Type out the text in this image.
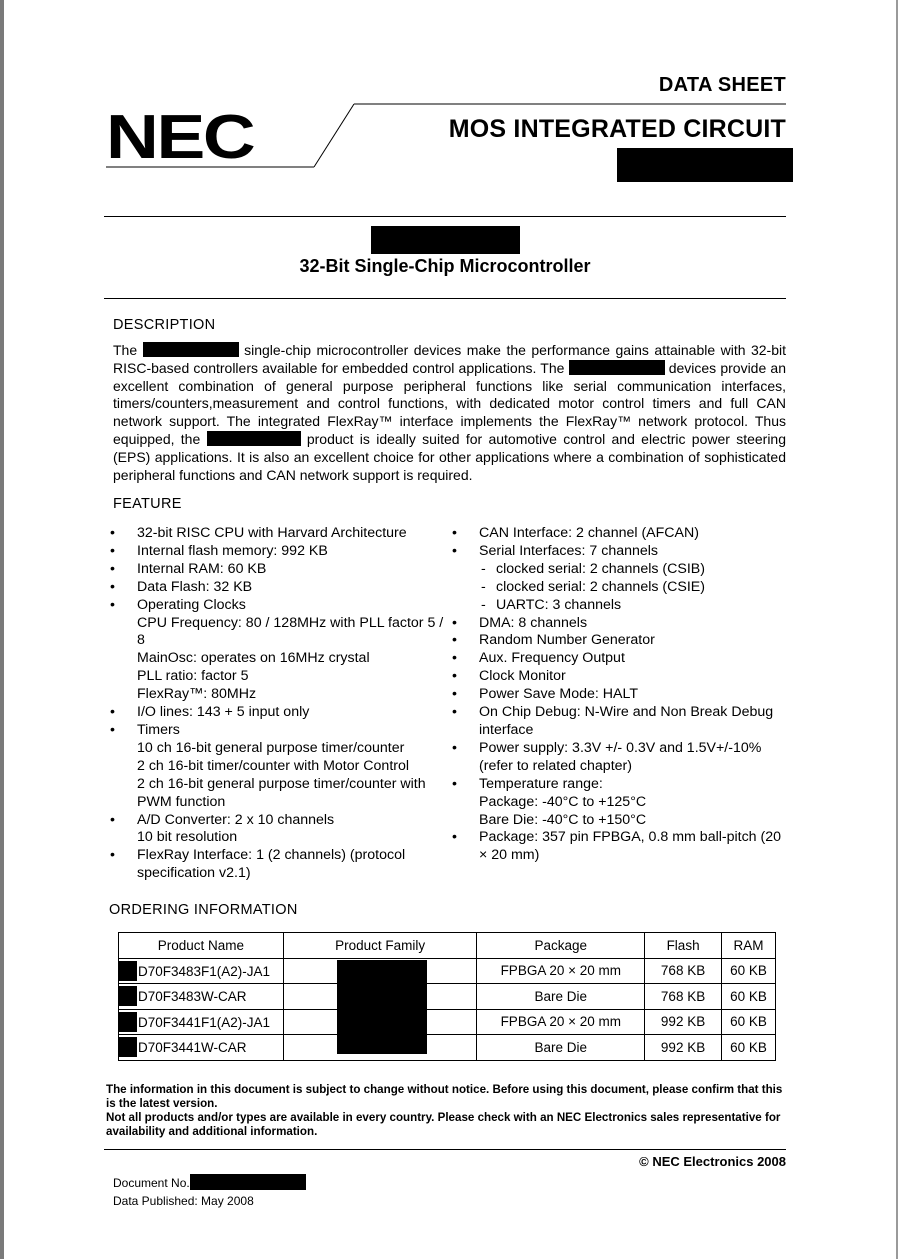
DATA SHEET
NEC	MOS INTEGRATED CIRCUIT
32-Bit Single-Chip Microcontroller
DESCRIPTION
The	single-chip microcontroller devices make the performance gains attainable with 32-bit RISC-based controllers available for embedded control applications. The	devices provide an excellent combination of general purpose peripheral functions like serial communication interfaces, timers/counters,measurement and control functions, with dedicated motor control timers and full CAN network support. The integrated FlexRay™ interface implements the FlexRay™ network protocol. Thus equipped, the	product is ideally suited for automotive control and electric power steering (EPS) applications. It is also an excellent choice for other applications where a combination of sophisticated peripheral functions and CAN network support is required.
FEATURE
• 32-bit RISC CPU with Harvard Architecture
• Internal flash memory: 992 KB
• Internal RAM: 60 KB
• Data Flash: 32 KB
• Operating Clocks
CPU Frequency: 80 / 128MHz with PLL factor 5 / 8
MainOsc: operates on 16MHz crystal
PLL ratio: factor 5
FlexRay™: 80MHz
• I/O lines: 143 + 5 input only
• Timers
10 ch 16-bit general purpose timer/counter
2 ch 16-bit timer/counter with Motor Control
2 ch 16-bit general purpose timer/counter with PWM function
• A/D Converter: 2 x 10 channels
10 bit resolution
• FlexRay Interface: 1 (2 channels) (protocol specification v2.1)
• CAN Interface: 2 channel (AFCAN)
• Serial Interfaces: 7 channels
- clocked serial: 2 channels (CSIB)
- clocked serial: 2 channels (CSIE)
- UARTC: 3 channels
• DMA: 8 channels
• Random Number Generator
• Aux. Frequency Output
• Clock Monitor
• Power Save Mode: HALT
• On Chip Debug: N-Wire and Non Break Debug interface
• Power supply: 3.3V +/- 0.3V and 1.5V+/-10% (refer to related chapter)
• Temperature range:
Package: -40°C to +125°C
Bare Die: -40°C to +150°C
• Package: 357 pin FPBGA, 0.8 mm ball-pitch (20 × 20 mm)
ORDERING INFORMATION
Product Name	Product Family	Package	Flash	RAM
D70F3483F1(A2)-JA1		FPBGA 20 × 20 mm	768 KB	60 KB
D70F3483W-CAR		Bare Die	768 KB	60 KB
D70F3441F1(A2)-JA1		FPBGA 20 × 20 mm	992 KB	60 KB
D70F3441W-CAR		Bare Die	992 KB	60 KB
The information in this document is subject to change without notice. Before using this document, please confirm that this is the latest version.
Not all products and/or types are available in every country. Please check with an NEC Electronics sales representative for availability and additional information.
© NEC Electronics 2008
Document No.
Data Published: May 2008
